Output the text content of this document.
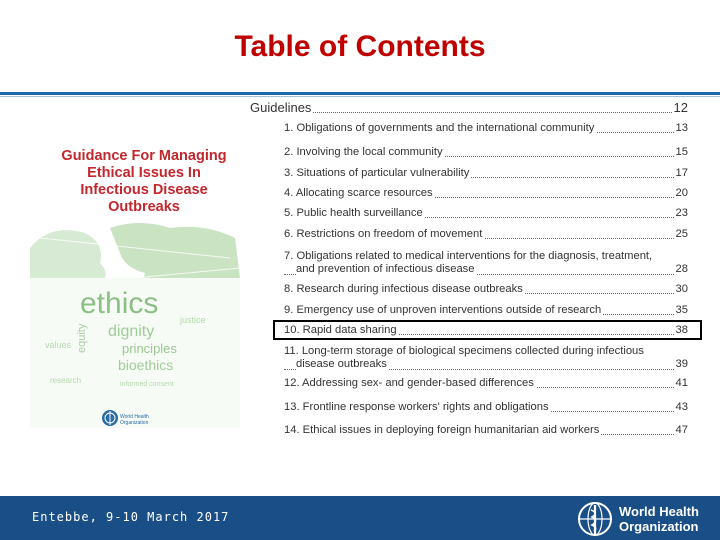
Table of Contents
Guidance For Managing Ethical Issues In Infectious Disease Outbreaks
ethics
dignity
equity	principles
bioethics
values
justice
research	informed consent
World Health
Organization
Guidelines	12
1. Obligations of governments and the international community	13
2. Involving the local community	15
3. Situations of particular vulnerability	17
4. Allocating scarce resources	20
5. Public health surveillance	23
6. Restrictions on freedom of movement	25
7. Obligations related to medical interventions for the diagnosis, treatment,
and prevention of infectious disease	28
8. Research during infectious disease outbreaks	30
9. Emergency use of unproven interventions outside of research	35
10. Rapid data sharing	38
11. Long-term storage of biological specimens collected during infectious
disease outbreaks	39
12. Addressing sex- and gender-based differences	41
13. Frontline response workers' rights and obligations	43
14. Ethical issues in deploying foreign humanitarian aid workers	47
Entebbe, 9-10 March 2017	World Health
Organization
